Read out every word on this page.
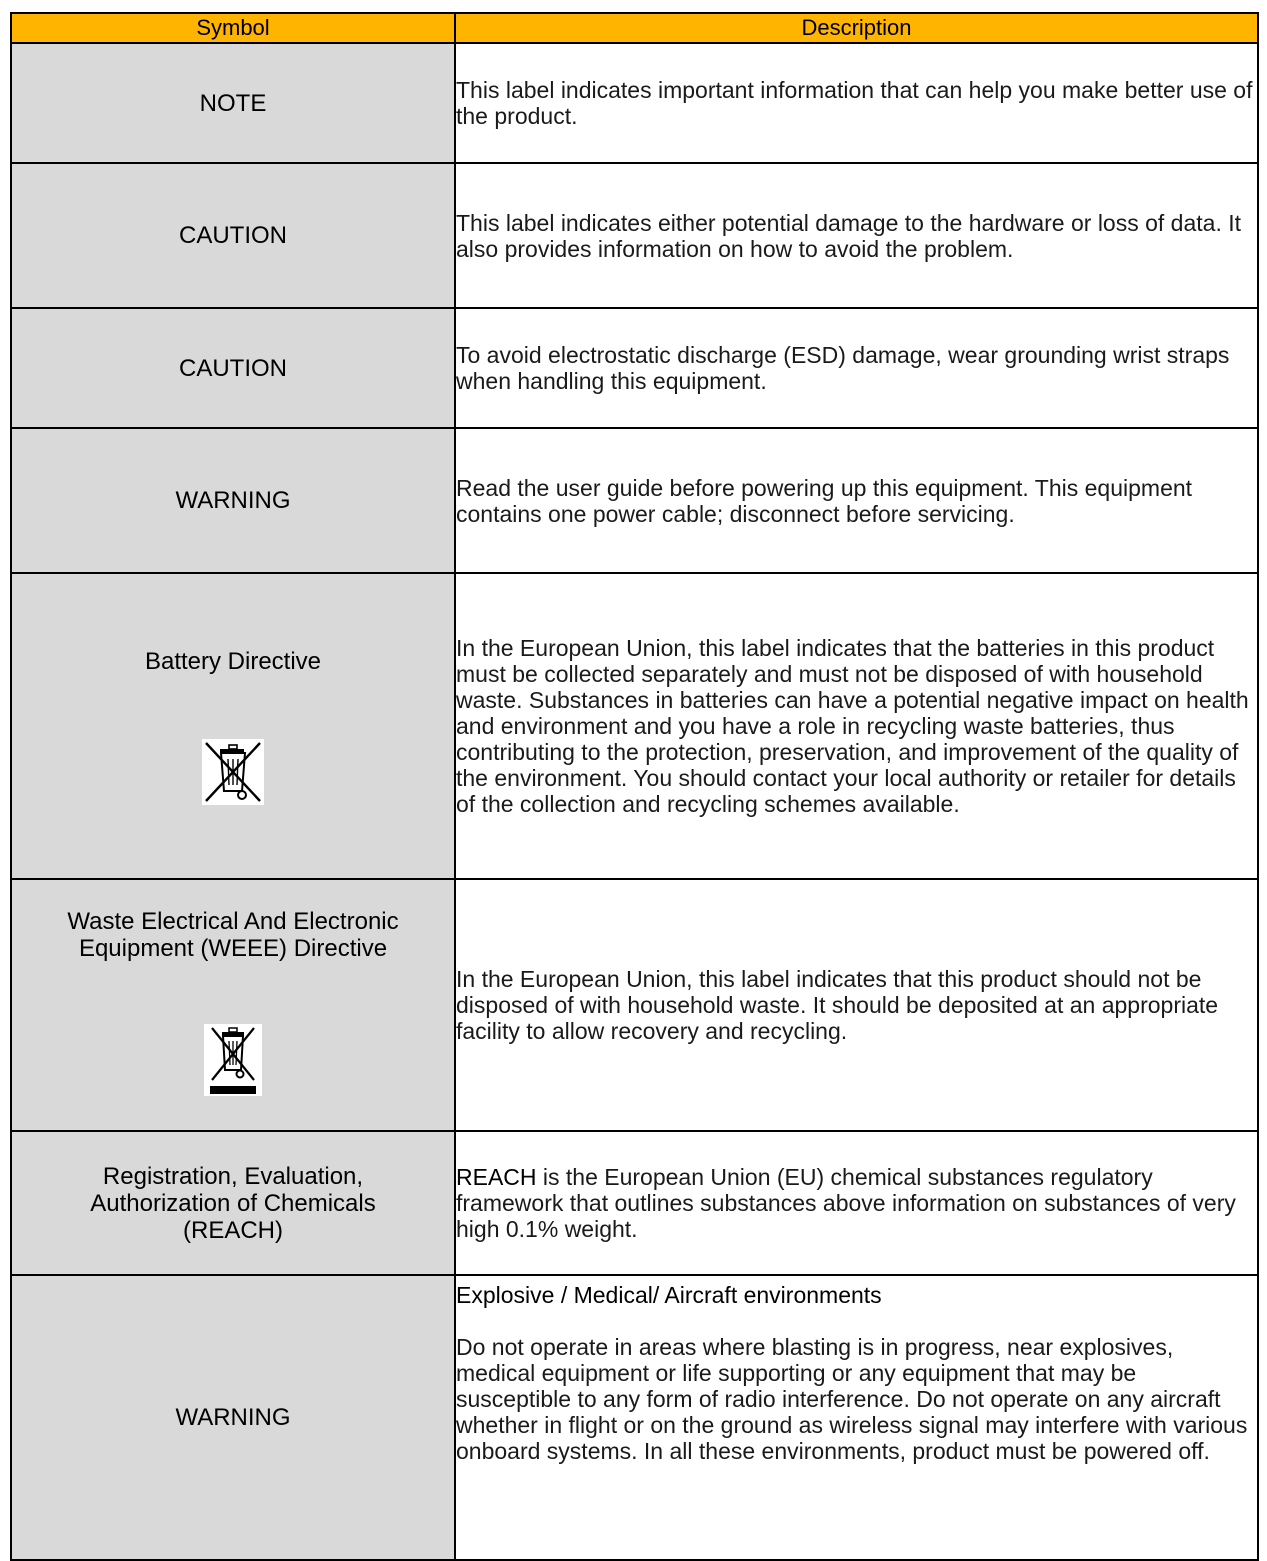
Symbol	Description

NOTE	This label indicates important information that can help you make better use of the product.

CAUTION	This label indicates either potential damage to the hardware or loss of data. It also provides information on how to avoid the problem.

CAUTION	To avoid electrostatic discharge (ESD) damage, wear grounding wrist straps when handling this equipment.

WARNING	Read the user guide before powering up this equipment. This equipment contains one power cable; disconnect before servicing.

Battery Directive	In the European Union, this label indicates that the batteries in this product must be collected separately and must not be disposed of with household waste. Substances in batteries can have a potential negative impact on health and environment and you have a role in recycling waste batteries, thus contributing to the protection, preservation, and improvement of the quality of the environment. You should contact your local authority or retailer for details of the collection and recycling schemes available.

Waste Electrical And Electronic Equipment (WEEE) Directive	In the European Union, this label indicates that this product should not be disposed of with household waste. It should be deposited at an appropriate facility to allow recovery and recycling.

Registration, Evaluation, Authorization of Chemicals (REACH)	REACH is the European Union (EU) chemical substances regulatory framework that outlines substances above information on substances of very high 0.1% weight.

WARNING	Explosive / Medical/ Aircraft environments
Do not operate in areas where blasting is in progress, near explosives, medical equipment or life supporting or any equipment that may be susceptible to any form of radio interference. Do not operate on any aircraft whether in flight or on the ground as wireless signal may interfere with various onboard systems. In all these environments, product must be powered off.
